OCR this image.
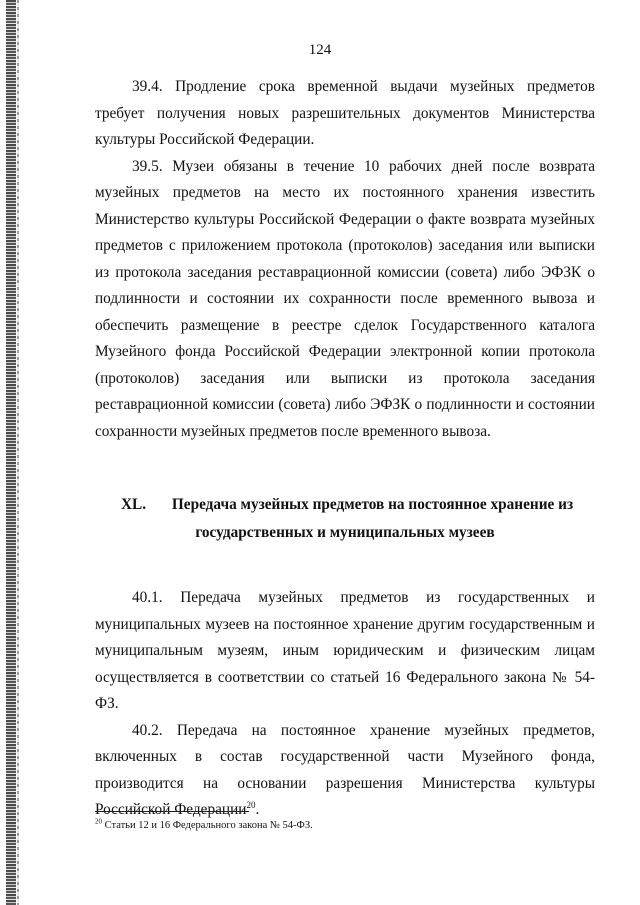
124

39.4. Продление срока временной выдачи музейных предметов требует получения новых разрешительных документов Министерства культуры Российской Федерации.

39.5. Музеи обязаны в течение 10 рабочих дней после возврата музейных предметов на место их постоянного хранения известить Министерство культуры Российской Федерации о факте возврата музейных предметов с приложением протокола (протоколов) заседания или выписки из протокола заседания реставрационной комиссии (совета) либо ЭФЗК о подлинности и состоянии их сохранности после временного вывоза и обеспечить размещение в реестре сделок Государственного каталога Музейного фонда Российской Федерации электронной копии протокола (протоколов) заседания или выписки из протокола заседания реставрационной комиссии (совета) либо ЭФЗК о подлинности и состоянии сохранности музейных предметов после временного вывоза.

XL.	Передача музейных предметов на постоянное хранение из
государственных и муниципальных музеев

40.1. Передача музейных предметов из государственных и муниципальных музеев на постоянное хранение другим государственным и муниципальным музеям, иным юридическим и физическим лицам осуществляется в соответствии со статьей 16 Федерального закона № 54-ФЗ.

40.2. Передача на постоянное хранение музейных предметов, включенных в состав государственной части Музейного фонда, производится на основании разрешения Министерства культуры Российской Федерации$^{20}$.

$^{20}$ Статьи 12 и 16 Федерального закона № 54-ФЗ.
